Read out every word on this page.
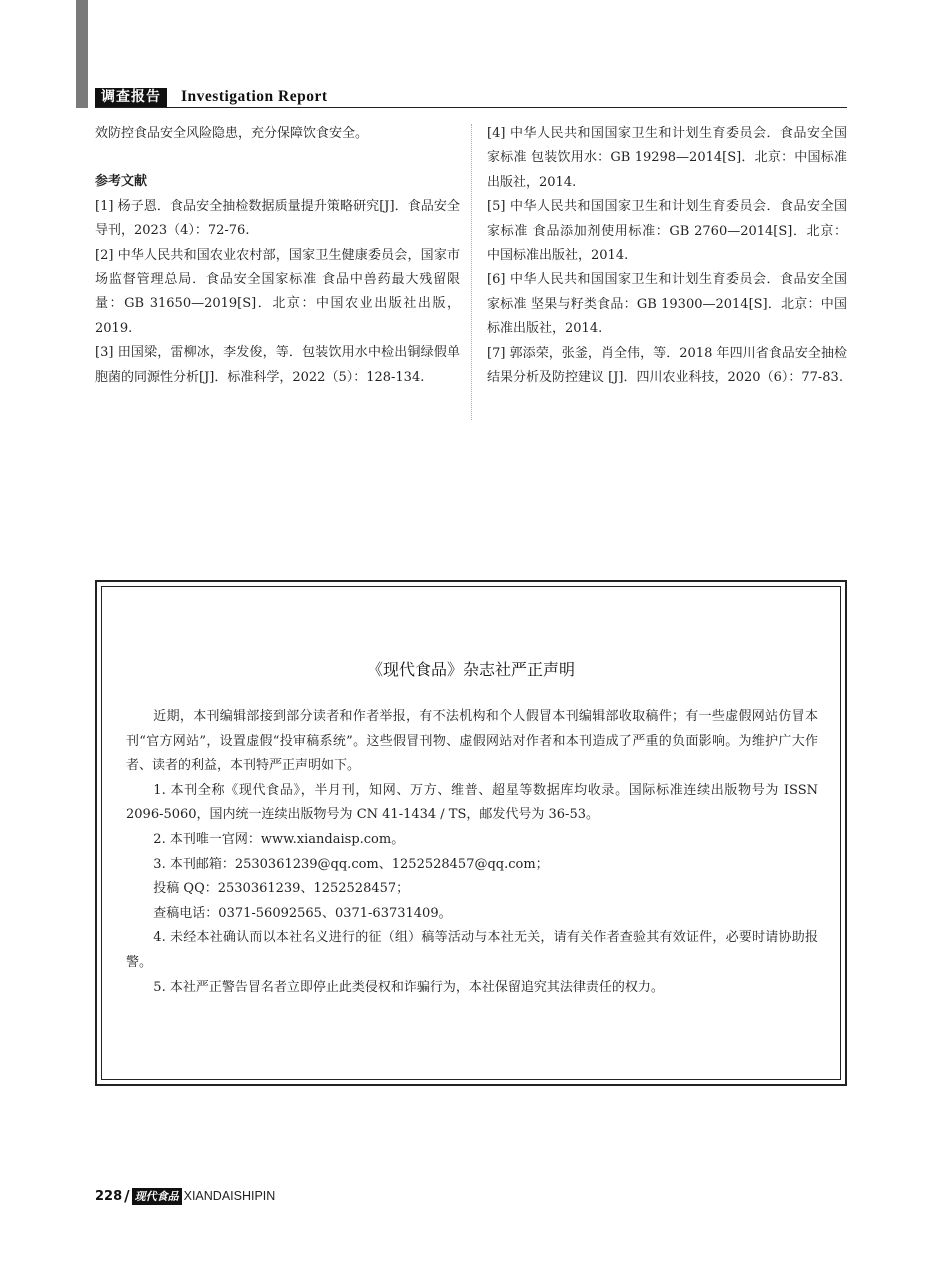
调查报告	Investigation Report

效防控食品安全风险隐患，充分保障饮食安全。

参考文献

[1] 杨子恩．食品安全抽检数据质量提升策略研究[J]．食品安全导刊，2023（4）：72-76.

[2] 中华人民共和国农业农村部，国家卫生健康委员会，国家市场监督管理总局．食品安全国家标准 食品中兽药最大残留限量：GB 31650—2019[S]．北京：中国农业出版社出版，2019.

[3] 田国梁，雷柳冰，李发俊，等．包装饮用水中检出铜绿假单胞菌的同源性分析[J]．标准科学，2022（5）：128-134.

[4] 中华人民共和国国家卫生和计划生育委员会．食品安全国家标准 包装饮用水：GB 19298—2014[S]．北京：中国标准出版社，2014.

[5] 中华人民共和国国家卫生和计划生育委员会．食品安全国家标准 食品添加剂使用标准：GB 2760—2014[S]．北京：中国标准出版社，2014.

[6] 中华人民共和国国家卫生和计划生育委员会．食品安全国家标准 坚果与籽类食品：GB 19300—2014[S]．北京：中国标准出版社，2014.

[7] 郭添荣，张釜，肖全伟，等．2018 年四川省食品安全抽检结果分析及防控建议 [J]．四川农业科技，2020（6）：77-83.

《现代食品》杂志社严正声明

近期，本刊编辑部接到部分读者和作者举报，有不法机构和个人假冒本刊编辑部收取稿件；有一些虚假网站仿冒本刊“官方网站”，设置虚假“投审稿系统”。这些假冒刊物、虚假网站对作者和本刊造成了严重的负面影响。为维护广大作者、读者的利益，本刊特严正声明如下。

1. 本刊全称《现代食品》，半月刊，知网、万方、维普、超星等数据库均收录。国际标准连续出版物号为 ISSN 2096-5060，国内统一连续出版物号为 CN 41-1434 / TS，邮发代号为 36-53。

2. 本刊唯一官网：www.xiandaisp.com。

3. 本刊邮箱：2530361239@qq.com、1252528457@qq.com；

投稿 QQ：2530361239、1252528457；

查稿电话：0371-56092565、0371-63731409。

4. 未经本社确认而以本社名义进行的征（组）稿等活动与本社无关，请有关作者查验其有效证件，必要时请协助报警。

5. 本社严正警告冒名者立即停止此类侵权和诈骗行为，本社保留追究其法律责任的权力。

228 / 现代食品 XIANDAISHIPIN
